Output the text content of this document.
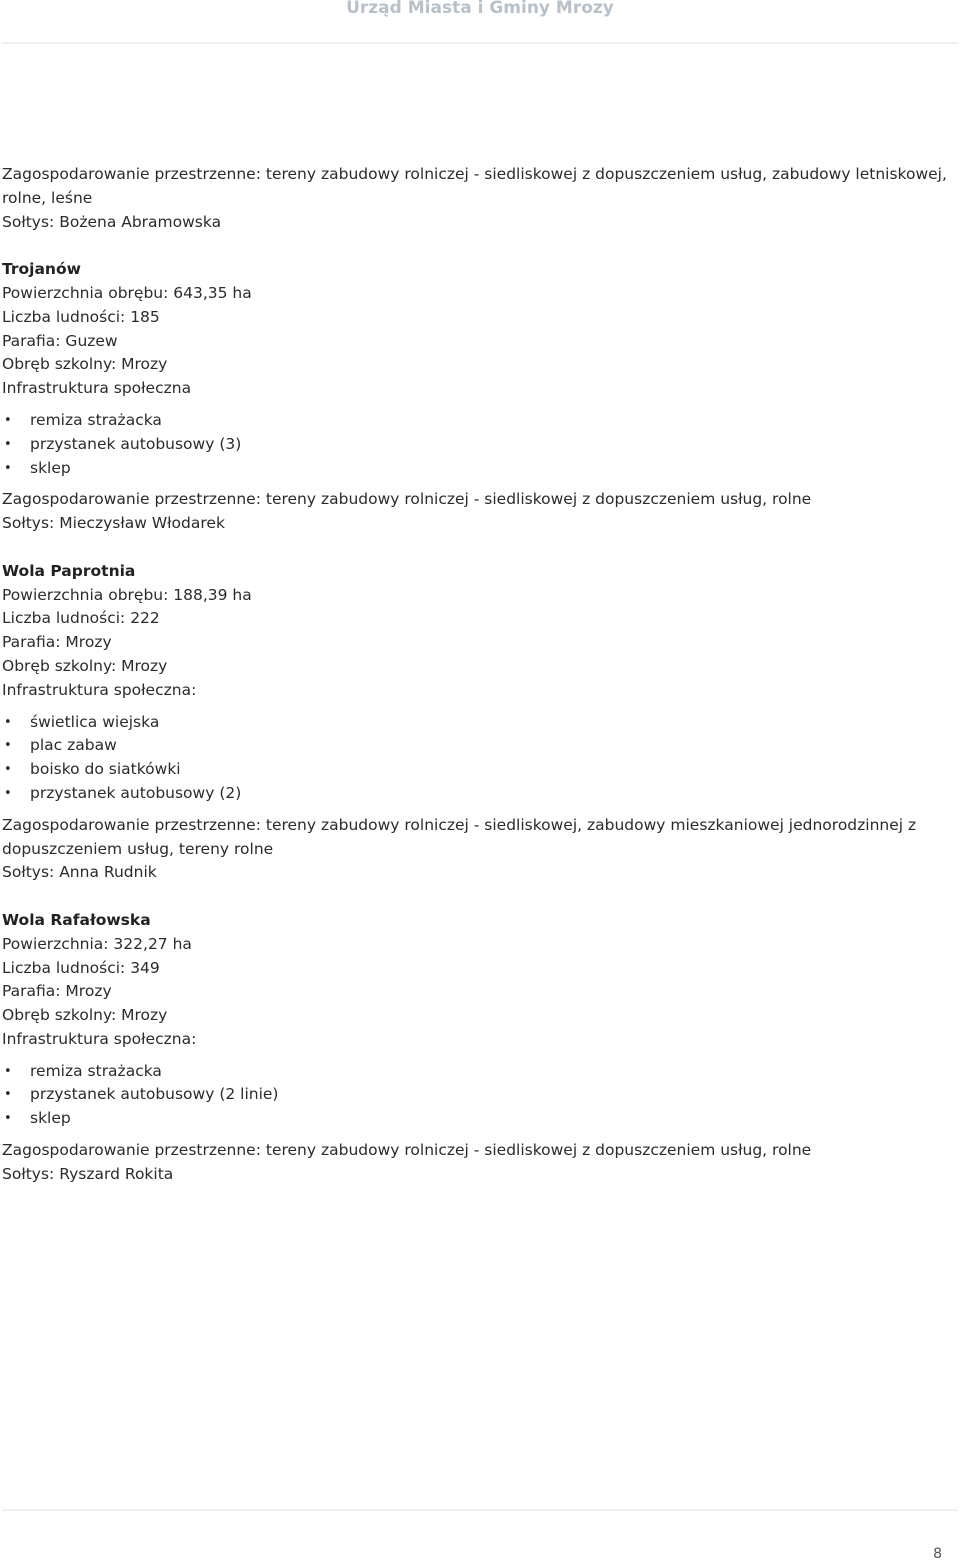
Urząd Miasta i Gminy Mrozy

Zagospodarowanie przestrzenne: tereny zabudowy rolniczej - siedliskowej z dopuszczeniem usług, zabudowy letniskowej, rolne, leśne

Sołtys: Bożena Abramowska

Trojanów

Powierzchnia obrębu: 643,35 ha

Liczba ludności: 185

Parafia: Guzew

Obręb szkolny: Mrozy

Infrastruktura społeczna

•	remiza strażacka
•	przystanek autobusowy (3)
•	sklep

Zagospodarowanie przestrzenne: tereny zabudowy rolniczej - siedliskowej z dopuszczeniem usług, rolne

Sołtys: Mieczysław Włodarek

Wola Paprotnia

Powierzchnia obrębu: 188,39 ha

Liczba ludności: 222

Parafia: Mrozy

Obręb szkolny: Mrozy

Infrastruktura społeczna:

•	świetlica wiejska
•	plac zabaw
•	boisko do siatkówki
•	przystanek autobusowy (2)

Zagospodarowanie przestrzenne: tereny zabudowy rolniczej - siedliskowej, zabudowy mieszkaniowej jednorodzinnej z dopuszczeniem usług, tereny rolne

Sołtys: Anna Rudnik

Wola Rafałowska

Powierzchnia: 322,27 ha

Liczba ludności: 349

Parafia: Mrozy

Obręb szkolny: Mrozy

Infrastruktura społeczna:

•	remiza strażacka
•	przystanek autobusowy (2 linie)
•	sklep

Zagospodarowanie przestrzenne: tereny zabudowy rolniczej - siedliskowej z dopuszczeniem usług, rolne

Sołtys: Ryszard Rokita

8
